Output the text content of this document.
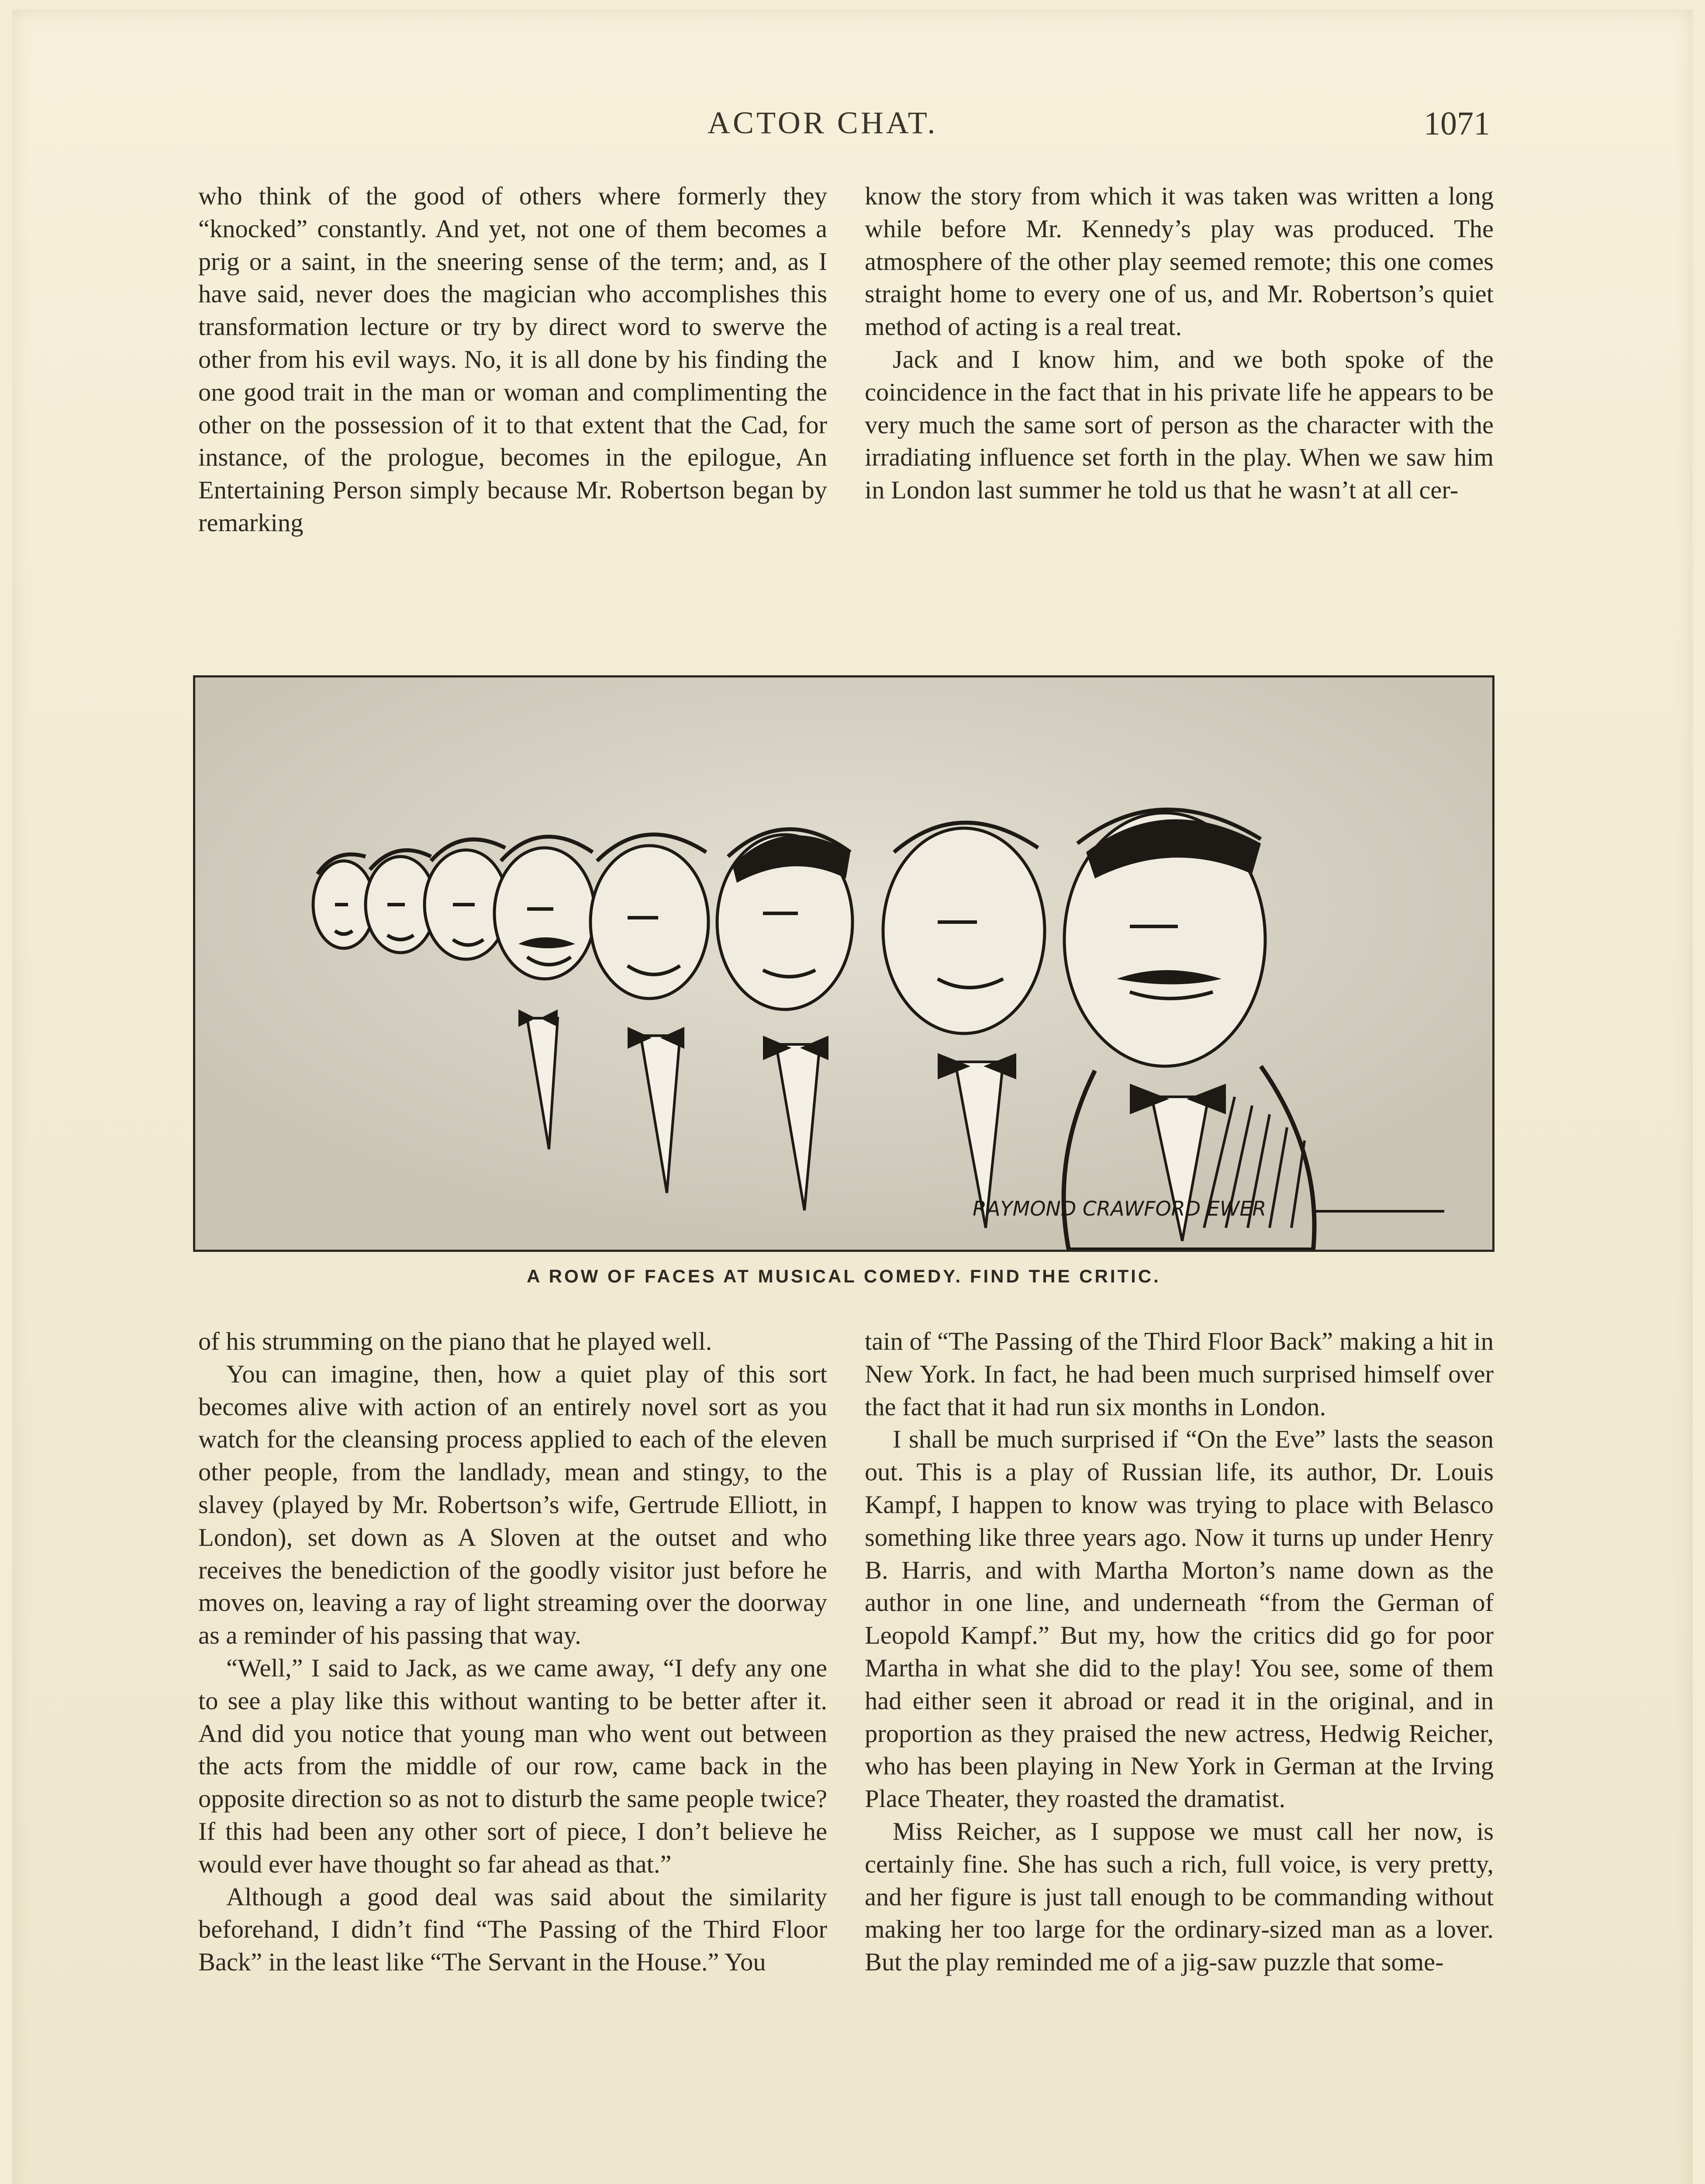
ACTOR CHAT.	1071

who think of the good of others where formerly they “knocked” constantly. And yet, not one of them becomes a prig or a saint, in the sneering sense of the term; and, as I have said, never does the magician who accomplishes this transformation lecture or try by direct word to swerve the other from his evil ways. No, it is all done by his finding the one good trait in the man or woman and complimenting the other on the possession of it to that extent that the Cad, for instance, of the prologue, becomes in the epilogue, An Entertaining Person simply because Mr. Robertson began by remarking

know the story from which it was taken was written a long while before Mr. Kennedy’s play was produced. The atmosphere of the other play seemed remote; this one comes straight home to every one of us, and Mr. Robertson’s quiet method of acting is a real treat.

Jack and I know him, and we both spoke of the coincidence in the fact that in his private life he appears to be very much the same sort of person as the character with the irradiating influence set forth in the play. When we saw him in London last summer he told us that he wasn’t at all cer-

RAYMOND CRAWFORD EWER
A ROW OF FACES AT MUSICAL COMEDY. FIND THE CRITIC.

of his strumming on the piano that he played well.

You can imagine, then, how a quiet play of this sort becomes alive with action of an entirely novel sort as you watch for the cleansing process applied to each of the eleven other people, from the landlady, mean and stingy, to the slavey (played by Mr. Robertson’s wife, Gertrude Elliott, in London), set down as A Sloven at the outset and who receives the benediction of the goodly visitor just before he moves on, leaving a ray of light streaming over the doorway as a reminder of his passing that way.

“Well,” I said to Jack, as we came away, “I defy any one to see a play like this without wanting to be better after it. And did you notice that young man who went out between the acts from the middle of our row, came back in the opposite direction so as not to disturb the same people twice? If this had been any other sort of piece, I don’t believe he would ever have thought so far ahead as that.”

Although a good deal was said about the similarity beforehand, I didn’t find “The Passing of the Third Floor Back” in the least like “The Servant in the House.” You

tain of “The Passing of the Third Floor Back” making a hit in New York. In fact, he had been much surprised himself over the fact that it had run six months in London.

I shall be much surprised if “On the Eve” lasts the season out. This is a play of Russian life, its author, Dr. Louis Kampf, I happen to know was trying to place with Belasco something like three years ago. Now it turns up under Henry B. Harris, and with Martha Morton’s name down as the author in one line, and underneath “from the German of Leopold Kampf.” But my, how the critics did go for poor Martha in what she did to the play! You see, some of them had either seen it abroad or read it in the original, and in proportion as they praised the new actress, Hedwig Reicher, who has been playing in New York in German at the Irving Place Theater, they roasted the dramatist.

Miss Reicher, as I suppose we must call her now, is certainly fine. She has such a rich, full voice, is very pretty, and her figure is just tall enough to be commanding without making her too large for the ordinary-sized man as a lover. But the play reminded me of a jig-saw puzzle that some-
